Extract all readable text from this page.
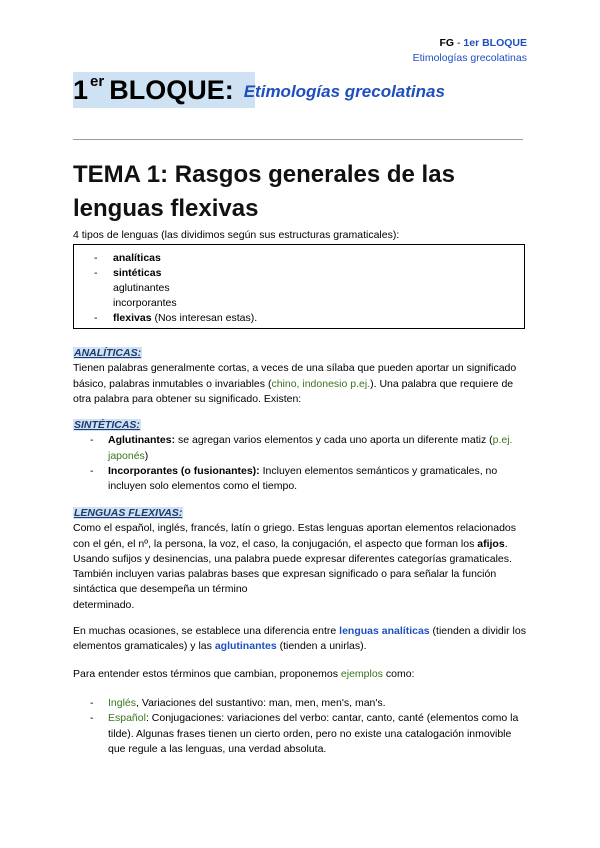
FG - 1er BLOQUE
Etimologías grecolatinas
1 er BLOQUE: Etimologías grecolatinas
TEMA 1: Rasgos generales de las lenguas flexivas
4 tipos de lenguas (las dividimos según sus estructuras gramaticales):
- analíticas
- sintéticas
aglutinantes
incorporantes
- flexivas (Nos interesan estas).
ANALÍTICAS:

Tienen palabras generalmente cortas, a veces de una sílaba que pueden aportar un significado básico, palabras inmutables o invariables (chino, indonesio p.ej.). Una palabra que requiere de otra palabra para obtener su significado. Existen:

SINTÉTICAS:
- Aglutinantes: se agregan varios elementos y cada uno aporta un diferente matiz (p.ej. japonés)
- Incorporantes (o fusionantes): Incluyen elementos semánticos y gramaticales, no incluyen solo elementos como el tiempo.
LENGUAS FLEXIVAS:

Como el español, inglés, francés, latín o griego. Estas lenguas aportan elementos relacionados con el gén, el nº, la persona, la voz, el caso, la conjugación, el aspecto que forman los afijos. Usando sufijos y desinencias, una palabra puede expresar diferentes categorías gramaticales. También incluyen varias palabras bases que expresan significado o para señalar la función sintáctica que desempeña un término
determinado.

En muchas ocasiones, se establece una diferencia entre lenguas analíticas (tienden a dividir los elementos gramaticales) y las aglutinantes (tienden a unirlas).

Para entender estos términos que cambian, proponemos ejemplos como:

- Inglés, Variaciones del sustantivo: man, men, men's, man's.
- Español: Conjugaciones: variaciones del verbo: cantar, canto, canté (elementos como la tilde). Algunas frases tienen un cierto orden, pero no existe una catalogación inmovible que regule a las lenguas, una verdad absoluta.
